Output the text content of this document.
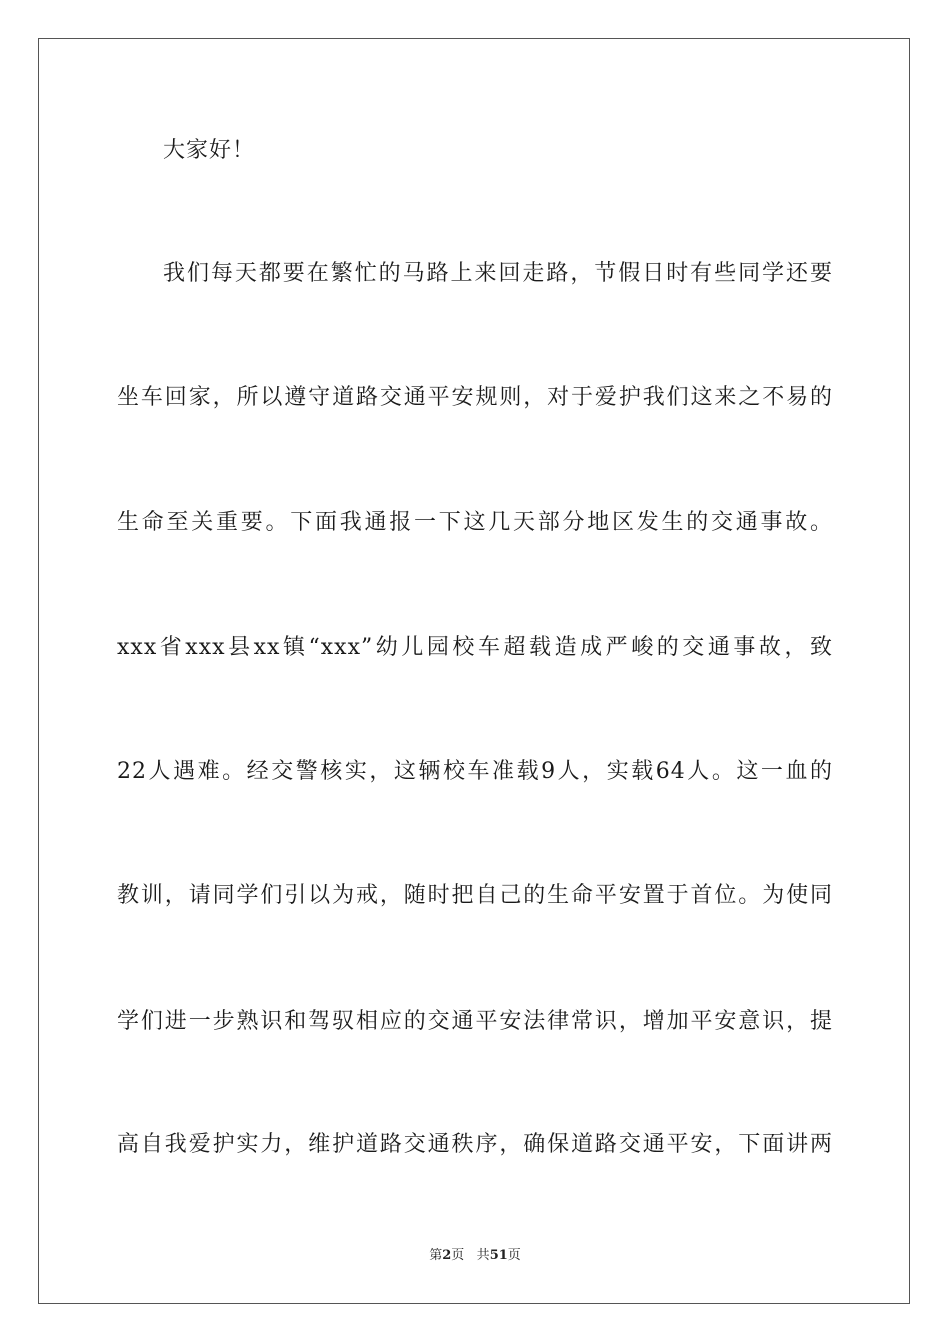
大家好！
我们每天都要在繁忙的马路上来回走路，节假日时有些同学还要
坐车回家，所以遵守道路交通平安规则，对于爱护我们这来之不易的
生命至关重要。下面我通报一下这几天部分地区发生的交通事故。
xxx省xxx县xx镇“xxx”幼儿园校车超载造成严峻的交通事故，致
22人遇难。经交警核实，这辆校车准载9人，实载64人。这一血的
教训，请同学们引以为戒，随时把自己的生命平安置于首位。为使同
学们进一步熟识和驾驭相应的交通平安法律常识，增加平安意识，提
高自我爱护实力，维护道路交通秩序，确保道路交通平安，下面讲两
第2页 共51页
